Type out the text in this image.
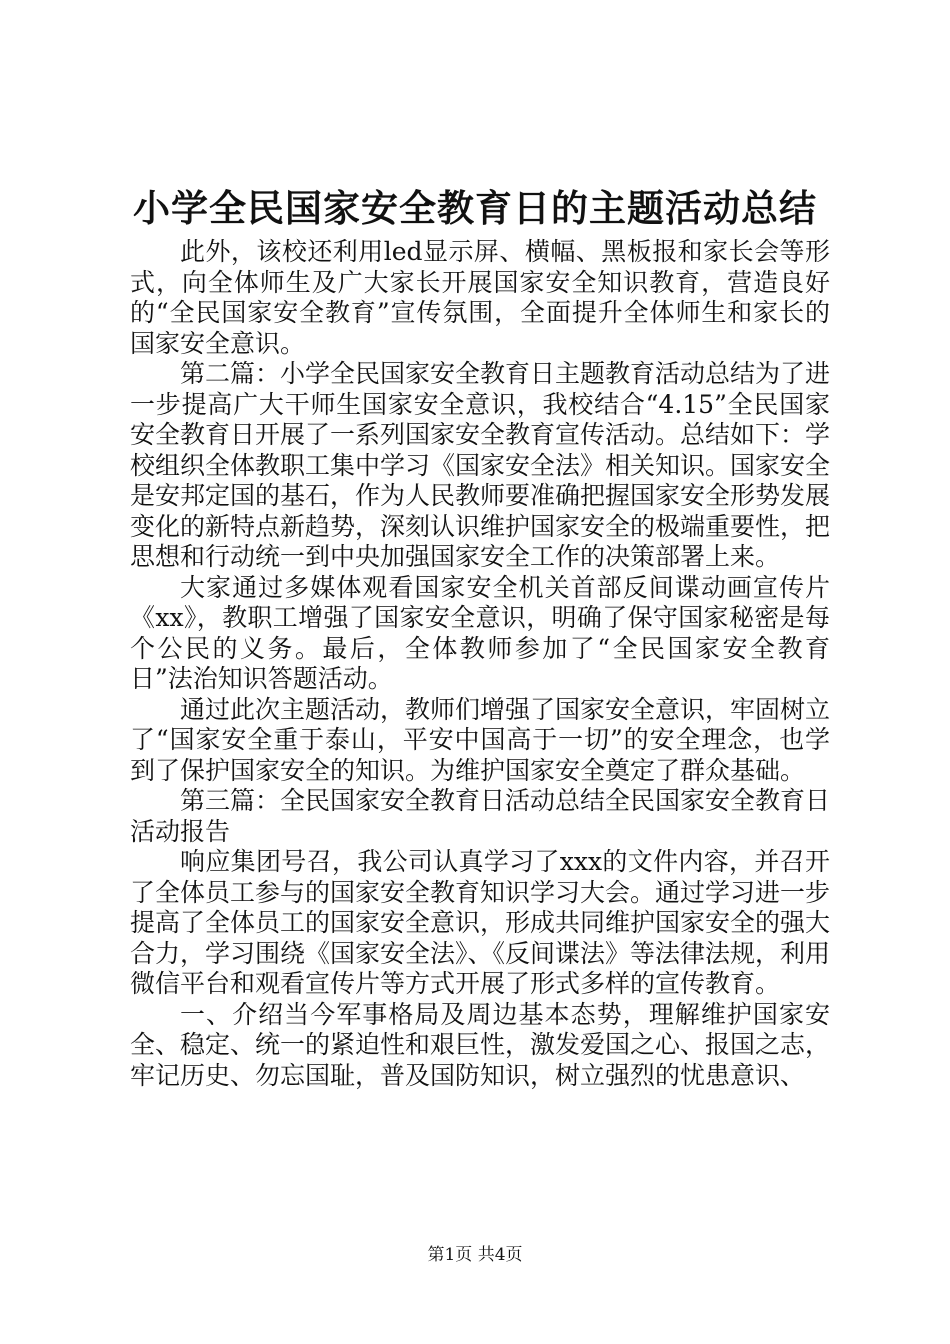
小学全民国家安全教育日的主题活动总结

此外，该校还利用led显示屏、横幅、黑板报和家长会等形式，向全体师生及广大家长开展国家安全知识教育，营造良好的“全民国家安全教育”宣传氛围，全面提升全体师生和家长的国家安全意识。

第二篇：小学全民国家安全教育日主题教育活动总结为了进一步提高广大干师生国家安全意识，我校结合“4.15”全民国家安全教育日开展了一系列国家安全教育宣传活动。总结如下：学校组织全体教职工集中学习《国家安全法》相关知识。国家安全是安邦定国的基石，作为人民教师要准确把握国家安全形势发展变化的新特点新趋势，深刻认识维护国家安全的极端重要性，把思想和行动统一到中央加强国家安全工作的决策部署上来。

大家通过多媒体观看国家安全机关首部反间谍动画宣传片《xx》，教职工增强了国家安全意识，明确了保守国家秘密是每个公民的义务。最后，全体教师参加了“全民国家安全教育日”法治知识答题活动。

通过此次主题活动，教师们增强了国家安全意识，牢固树立了“国家安全重于泰山，平安中国高于一切”的安全理念，也学到了保护国家安全的知识。为维护国家安全奠定了群众基础。

第三篇：全民国家安全教育日活动总结全民国家安全教育日活动报告

响应集团号召，我公司认真学习了xxx的文件内容，并召开了全体员工参与的国家安全教育知识学习大会。通过学习进一步提高了全体员工的国家安全意识，形成共同维护国家安全的强大合力，学习围绕《国家安全法》、《反间谍法》等法律法规，利用微信平台和观看宣传片等方式开展了形式多样的宣传教育。

一、介绍当今军事格局及周边基本态势，理解维护国家安全、稳定、统一的紧迫性和艰巨性，激发爱国之心、报国之志，牢记历史、勿忘国耻，普及国防知识，树立强烈的忧患意识、

第1页 共4页
